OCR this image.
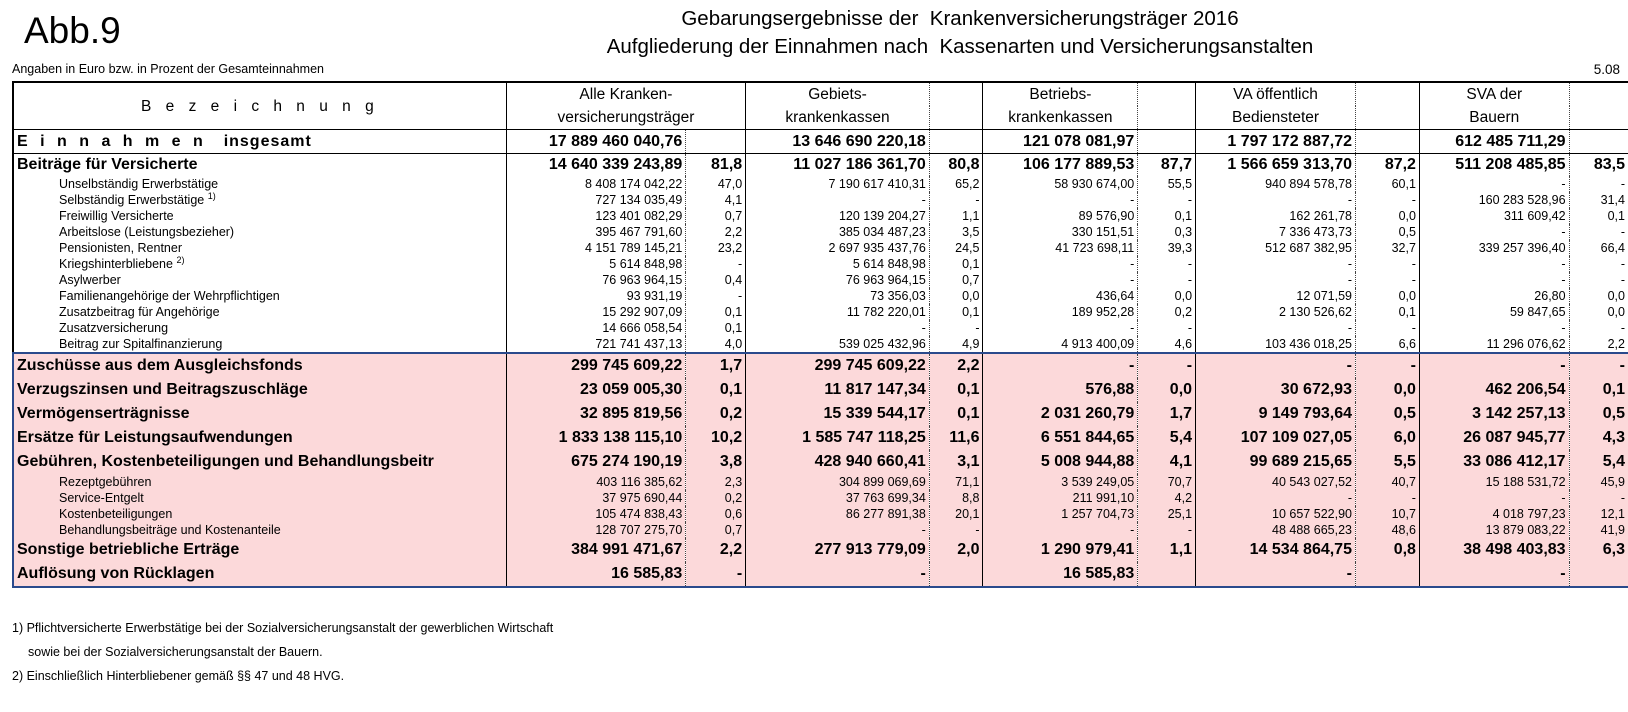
Abb.9	Gebarungsergebnisse der  Krankenversicherungsträger 2016
Aufgliederung der Einnahmen nach  Kassenarten und Versicherungsanstalten
Angaben in Euro bzw. in Prozent der Gesamteinnahmen	5.08
B e z e i c h n u n g	Alle Kranken-		Gebiets-		Betriebs-		VA öffentlich		SVA der	
	versicherungsträger		krankenkassen		krankenkassen		Bediensteter		Bauern	
E i n n a h m e n insgesamt	17 889 460 040,76		13 646 690 220,18		121 078 081,97		1 797 172 887,72		612 485 711,29	
Beiträge für Versicherte	14 640 339 243,89	81,8	11 027 186 361,70	80,8	106 177 889,53	87,7	1 566 659 313,70	87,2	511 208 485,85	83,5
Unselbständig Erwerbstätige	8 408 174 042,22	47,0	7 190 617 410,31	65,2	58 930 674,00	55,5	940 894 578,78	60,1	-	-
Selbständig Erwerbstätige $^{1)}$	727 134 035,49	4,1	-	-	-	-	-	-	160 283 528,96	31,4
Freiwillig Versicherte	123 401 082,29	0,7	120 139 204,27	1,1	89 576,90	0,1	162 261,78	0,0	311 609,42	0,1
Arbeitslose (Leistungsbezieher)	395 467 791,60	2,2	385 034 487,23	3,5	330 151,51	0,3	7 336 473,73	0,5	-	-
Pensionisten, Rentner	4 151 789 145,21	23,2	2 697 935 437,76	24,5	41 723 698,11	39,3	512 687 382,95	32,7	339 257 396,40	66,4
Kriegshinterbliebene $^{2)}$	5 614 848,98	-	5 614 848,98	0,1	-	-	-	-	-	-
Asylwerber	76 963 964,15	0,4	76 963 964,15	0,7	-	-	-	-	-	-
Familienangehörige der Wehrpflichtigen	93 931,19	-	73 356,03	0,0	436,64	0,0	12 071,59	0,0	26,80	0,0
Zusatzbeitrag für Angehörige	15 292 907,09	0,1	11 782 220,01	0,1	189 952,28	0,2	2 130 526,62	0,1	59 847,65	0,0
Zusatzversicherung	14 666 058,54	0,1	-	-	-	-	-	-	-	-
Beitrag zur Spitalfinanzierung	721 741 437,13	4,0	539 025 432,96	4,9	4 913 400,09	4,6	103 436 018,25	6,6	11 296 076,62	2,2
Zuschüsse aus dem Ausgleichsfonds	299 745 609,22	1,7	299 745 609,22	2,2	-	-	-	-	-	-
Verzugszinsen und Beitragszuschläge	23 059 005,30	0,1	11 817 147,34	0,1	576,88	0,0	30 672,93	0,0	462 206,54	0,1
Vermögenserträgnisse	32 895 819,56	0,2	15 339 544,17	0,1	2 031 260,79	1,7	9 149 793,64	0,5	3 142 257,13	0,5
Ersätze für Leistungsaufwendungen	1 833 138 115,10	10,2	1 585 747 118,25	11,6	6 551 844,65	5,4	107 109 027,05	6,0	26 087 945,77	4,3
Gebühren, Kostenbeteiligungen und Behandlungsbeitr	675 274 190,19	3,8	428 940 660,41	3,1	5 008 944,88	4,1	99 689 215,65	5,5	33 086 412,17	5,4
Rezeptgebühren	403 116 385,62	2,3	304 899 069,69	71,1	3 539 249,05	70,7	40 543 027,52	40,7	15 188 531,72	45,9
Service-Entgelt	37 975 690,44	0,2	37 763 699,34	8,8	211 991,10	4,2	-	-	-	-
Kostenbeteiligungen	105 474 838,43	0,6	86 277 891,38	20,1	1 257 704,73	25,1	10 657 522,90	10,7	4 018 797,23	12,1
Behandlungsbeiträge und Kostenanteile	128 707 275,70	0,7	-	-	-	-	48 488 665,23	48,6	13 879 083,22	41,9
Sonstige betriebliche Erträge	384 991 471,67	2,2	277 913 779,09	2,0	1 290 979,41	1,1	14 534 864,75	0,8	38 498 403,83	6,3
Auflösung von Rücklagen	16 585,83	-	-		16 585,83		-		-	
1) Pflichtversicherte Erwerbstätige bei der Sozialversicherungsanstalt der gewerblichen Wirtschaft
sowie bei der Sozialversicherungsanstalt der Bauern.
2) Einschließlich Hinterbliebener gemäß §§ 47 und 48 HVG.
